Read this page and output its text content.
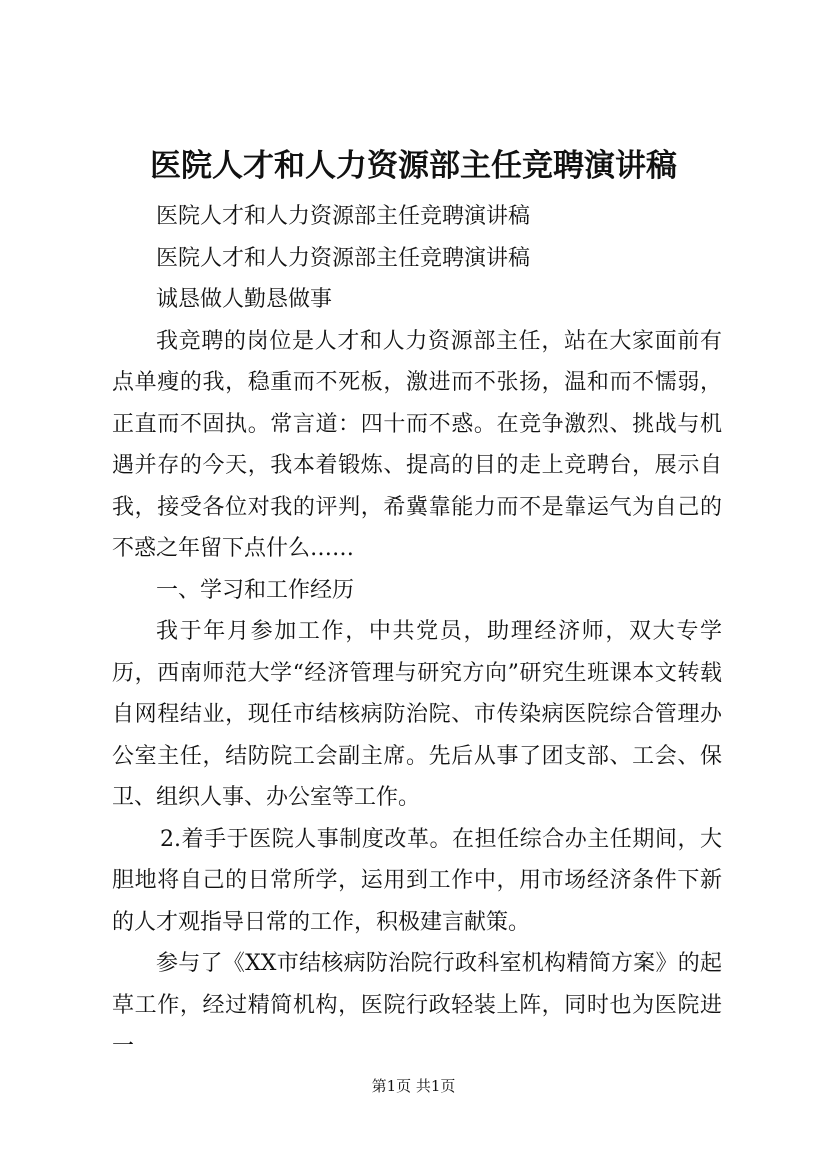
医院人才和人力资源部主任竞聘演讲稿

医院人才和人力资源部主任竞聘演讲稿

医院人才和人力资源部主任竞聘演讲稿

诚恳做人勤恳做事

我竞聘的岗位是人才和人力资源部主任，站在大家面前有点单瘦的我，稳重而不死板，激进而不张扬，温和而不懦弱，正直而不固执。常言道：四十而不惑。在竞争激烈、挑战与机遇并存的今天，我本着锻炼、提高的目的走上竞聘台，展示自我，接受各位对我的评判，希冀靠能力而不是靠运气为自己的不惑之年留下点什么……

一、学习和工作经历

我于年月参加工作，中共党员，助理经济师，双大专学历，西南师范大学“经济管理与研究方向”研究生班课本文转载自网程结业，现任市结核病防治院、市传染病医院综合管理办公室主任，结防院工会副主席。先后从事了团支部、工会、保卫、组织人事、办公室等工作。

2.着手于医院人事制度改革。在担任综合办主任期间，大胆地将自己的日常所学，运用到工作中，用市场经济条件下新的人才观指导日常的工作，积极建言献策。

参与了《XX市结核病防治院行政科室机构精简方案》的起草工作，经过精简机构，医院行政轻装上阵，同时也为医院进一

第1页 共1页
